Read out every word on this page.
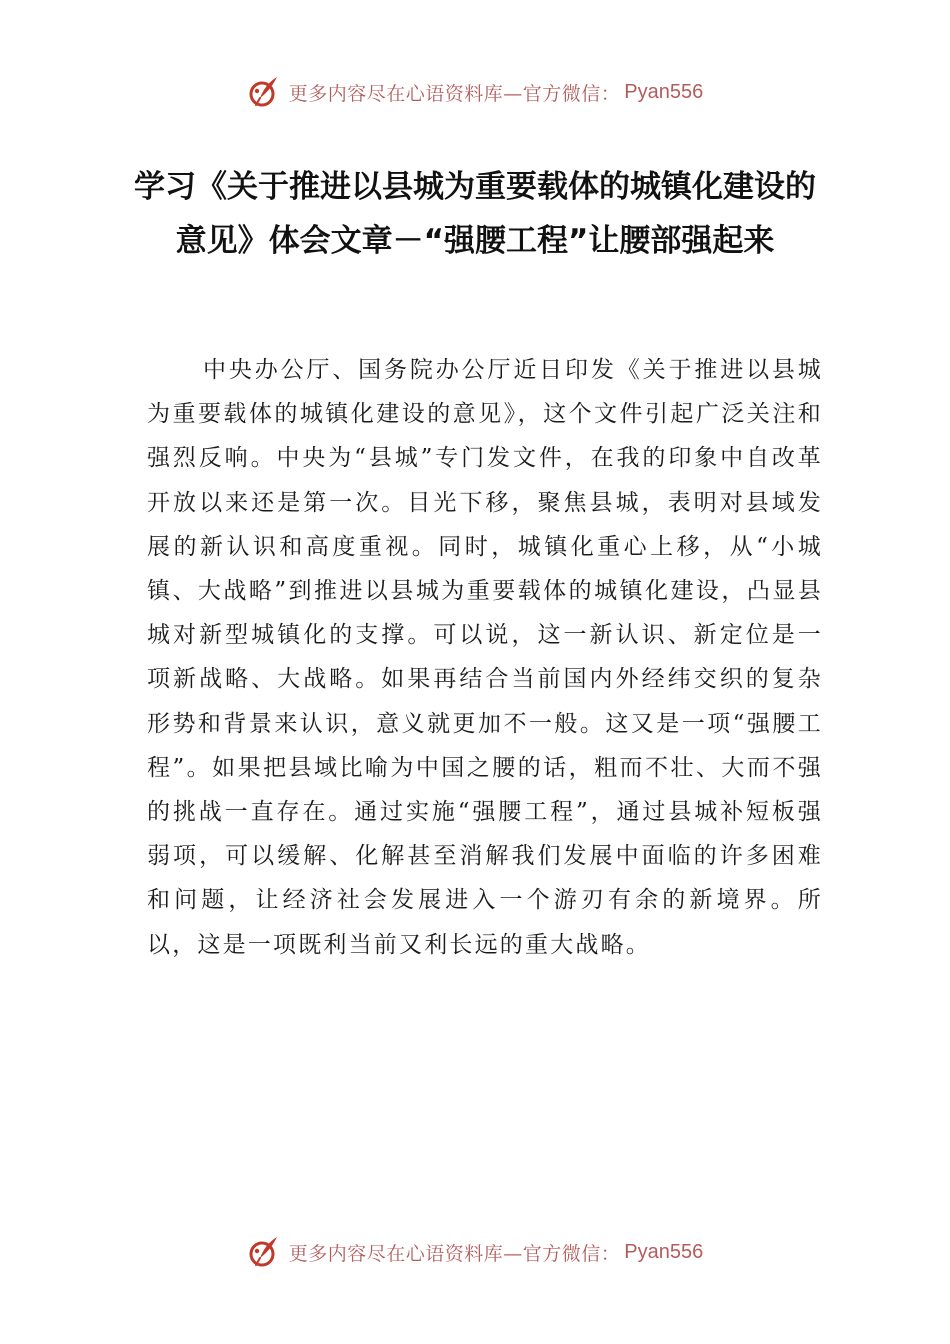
更多内容尽在心语资料库—官方微信： Pyan556
学习《关于推进以县城为重要载体的城镇化建设的意见》体会文章－“强腰工程”让腰部强起来

中央办公厅、国务院办公厅近日印发《关于推进以县城为重要载体的城镇化建设的意见》，这个文件引起广泛关注和强烈反响。中央为“县城”专门发文件，在我的印象中自改革开放以来还是第一次。目光下移，聚焦县城，表明对县域发展的新认识和高度重视。同时，城镇化重心上移，从“小城镇、大战略”到推进以县城为重要载体的城镇化建设，凸显县城对新型城镇化的支撑。可以说，这一新认识、新定位是一项新战略、大战略。如果再结合当前国内外经纬交织的复杂形势和背景来认识，意义就更加不一般。这又是一项“强腰工程”。如果把县域比喻为中国之腰的话，粗而不壮、大而不强的挑战一直存在。通过实施“强腰工程”，通过县城补短板强弱项，可以缓解、化解甚至消解我们发展中面临的许多困难和问题，让经济社会发展进入一个游刃有余的新境界。所以，这是一项既利当前又利长远的重大战略。

更多内容尽在心语资料库—官方微信： Pyan556
